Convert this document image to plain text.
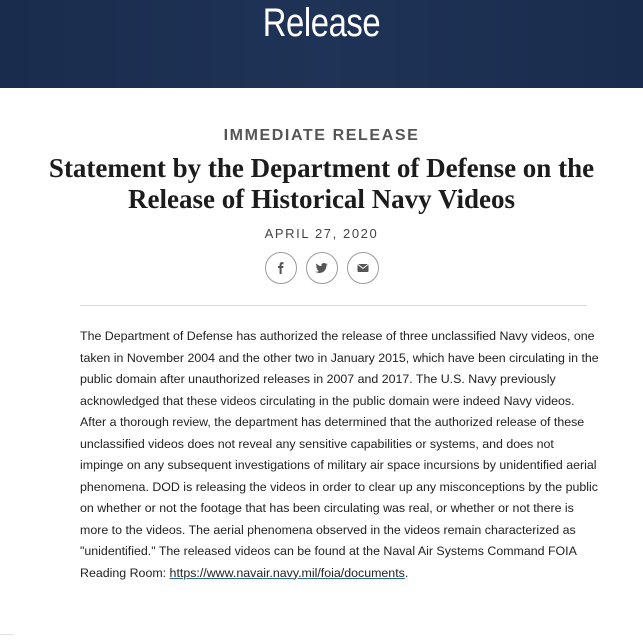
Release
IMMEDIATE RELEASE
Statement by the Department of Defense on the Release of Historical Navy Videos
APRIL 27, 2020

The Department of Defense has authorized the release of three unclassified Navy videos, one taken in November 2004 and the other two in January 2015, which have been circulating in the public domain after unauthorized releases in 2007 and 2017. The U.S. Navy previously acknowledged that these videos circulating in the public domain were indeed Navy videos. After a thorough review, the department has determined that the authorized release of these unclassified videos does not reveal any sensitive capabilities or systems, and does not impinge on any subsequent investigations of military air space incursions by unidentified aerial phenomena. DOD is releasing the videos in order to clear up any misconceptions by the public on whether or not the footage that has been circulating was real, or whether or not there is more to the videos. The aerial phenomena observed in the videos remain characterized as "unidentified." The released videos can be found at the Naval Air Systems Command FOIA Reading Room: https://www.navair.navy.mil/foia/documents.
